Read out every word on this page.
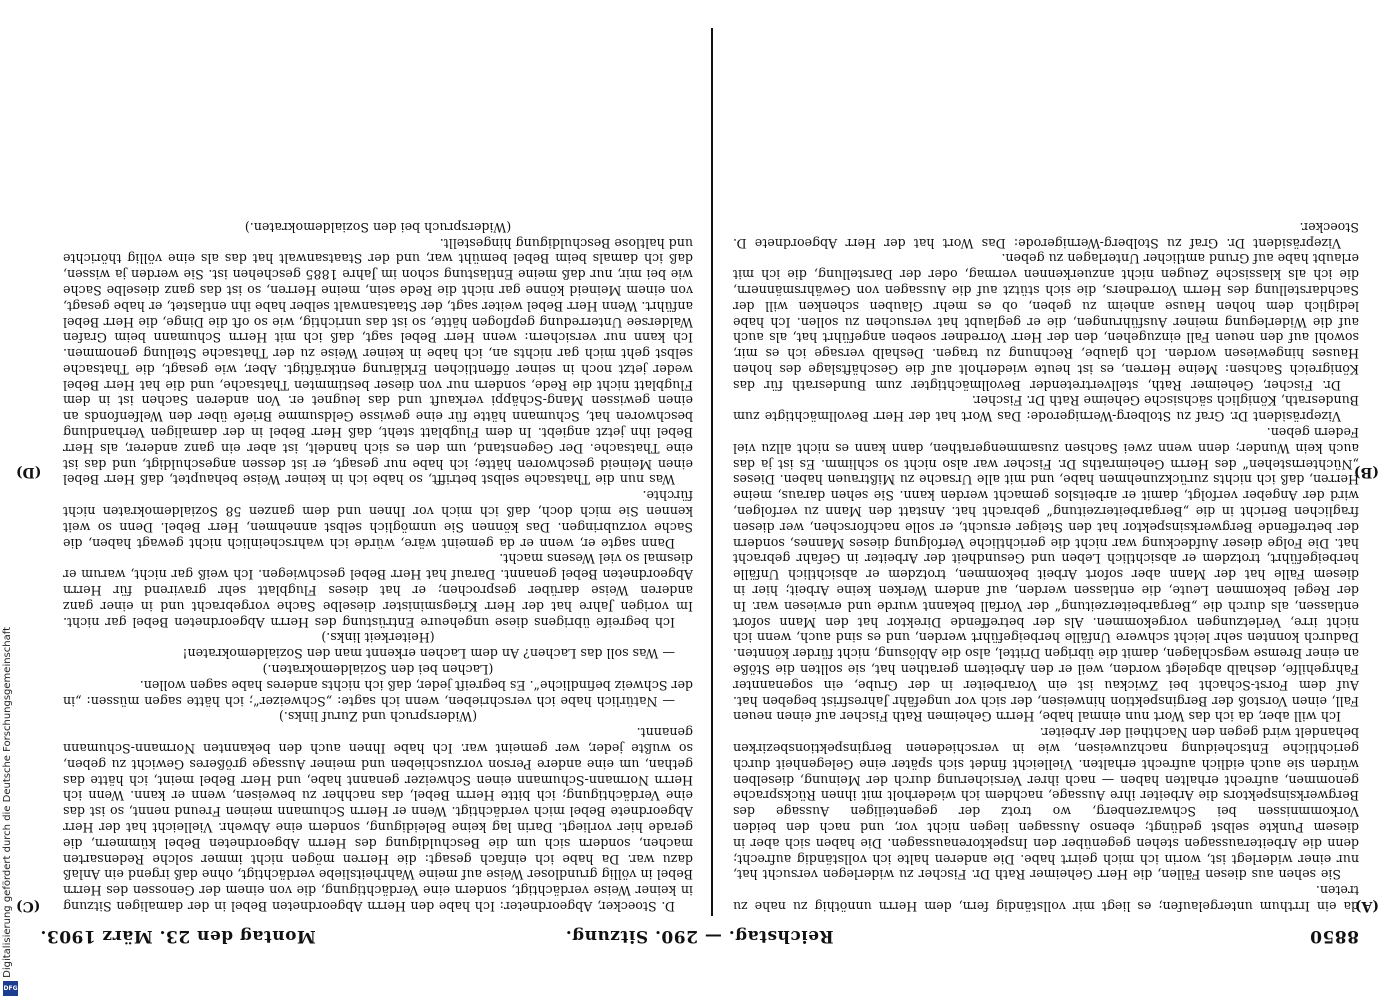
8850
Reichstag. — 290. Sitzung.
Montag den 23. März 1903.
(A)
(B)
(C)
(D)

da ein Irrthum untergelaufen; es liegt mir vollständig fern, dem Herrn unnöthig zu nahe zu treten.

Sie sehen aus diesen Fällen, die Herr Geheimer Rath Dr. Fischer zu widerlegen versucht hat, nur einer widerlegt ist, worin ich mich geirrt habe. Die anderen halte ich vollständig aufrecht; denn die Arbeiteraussagen stehen gegenüber den Inspektorenaussagen. Die haben sich aber in diesem Punkte selbst gedüngt; ebenso Aussagen liegen nicht vor, und nach den beiden Vorkommnissen bei Schwarzenberg, wo trotz der gegenteiligen Aussage des Bergwerksinspektors die Arbeiter ihre Aussage, nachdem ich wiederholt mit ihnen Rücksprache genommen, aufrecht erhalten haben — nach ihrer Versicherung durch der Meinung, dieselben würden sie auch eidlich aufrecht erhalten. Vielleicht findet sich später eine Gelegenheit durch gerichtliche Entscheidung nachzuweisen, wie in verschiedenen Berginspektionsbezirken behandelt wird gegen den Nachtheil der Arbeiter.

Ich will aber, da ich das Wort nun einmal habe, Herrn Geheimen Rath Fischer auf einen neuen Fall, einen Vorstoß der Berginspektion hinweisen, der sich vor ungefähr Jahresfrist begeben hat. Auf dem Forst-Schacht bei Zwickau ist ein Vorarbeiter in der Grube, ein sogenannter Fahrgehilfe, deshalb abgelegt worden, weil er den Arbeitern gerathen hat, sie sollten die Stöße an einer Bremse wegschlagen, damit die übrigen Drittel, also die Ablösung, nicht fürder könnten. Dadurch konnten sehr leicht schwere Unfälle herbeigeführt werden, und es sind auch, wenn ich nicht irre, Verletzungen vorgekommen. Als der betreffende Direktor hat den Mann sofort entlassen, als durch die „Bergarbeiterzeitung“ der Vorfall bekannt wurde und erwiesen war. In der Regel bekommen Leute, die entlassen werden, auf andern Werken keine Arbeit; hier in diesem Falle hat der Mann aber sofort Arbeit bekommen, trotzdem er absichtlich Unfälle herbeigeführt, trotzdem er absichtlich Leben und Gesundheit der Arbeiter in Gefahr gebracht hat. Die Folge dieser Aufdeckung war nicht die gerichtliche Verfolgung dieses Mannes, sondern der betreffende Bergwerksinspektor hat den Steiger ersucht, er solle nachforschen, wer diesen fraglichen Bericht in die „Bergarbeiterzeitung“ gebracht hat. Anstatt den Mann zu verfolgen, wird der Angeber verfolgt, damit er arbeitslos gemacht werden kann. Sie sehen daraus, meine Herren, daß ich nichts zurückzunehmen habe, und mit alle Ursache zu Mißtrauen haben. Dieses „Nüchternstehen“ des Herrn Geheimraths Dr. Fischer war also nicht so schlimm. Es ist ja das auch kein Wunder; denn wenn zwei Sachsen zusammengerathen, dann kann es nicht allzu viel Federn geben.

Vizepräsident Dr. Graf zu Stolberg-Wernigerode: Das Wort hat der Herr Bevollmächtigte zum Bundesrath, Königlich sächsische Geheime Rath Dr. Fischer.

Dr. Fischer, Geheimer Rath, stellvertretender Bevollmächtigter zum Bundesrath für das Königreich Sachsen: Meine Herren, es ist heute wiederholt auf die Geschäftslage des hohen Hauses hingewiesen worden. Ich glaube, Rechnung zu tragen. Deshalb versage ich es mir, sowohl auf den neuen Fall einzugehen, den der Herr Vorredner soeben angeführt hat, als auch auf die Widerlegung meiner Ausführungen, die er geglaubt hat versuchen zu sollen. Ich habe lediglich dem hohen Hause anheim zu geben, ob es mehr Glauben schenken will der Sachdarstellung des Herrn Vorredners, die sich stützt auf die Aussagen von Gewährsmännern, die ich als klassische Zeugen nicht anzuerkennen vermag, oder der Darstellung, die ich mit erlaubt habe auf Grund amtlicher Unterlagen zu geben.

Vizepräsident Dr. Graf zu Stolberg-Wernigerode: Das Wort hat der Herr Abgeordnete D. Stoecker.

D. Stoecker, Abgeordneter: Ich habe den Herrn Abgeordneten Bebel in der damaligen Sitzung in keiner Weise verdächtigt, sondern eine Verdächtigung, die von einem der Genossen des Herrn Bebel in völlig grundloser Weise auf meine Wahrheitsliebe verdächtigt, ohne daß irgend ein Anlaß dazu war. Da habe ich einfach gesagt: die Herren mögen nicht immer solche Redensarten machen, sondern sich um die Beschuldigung des Herrn Abgeordneten Bebel kümmern, die gerade hier vorliegt. Darin lag keine Beleidigung, sondern eine Abwehr. Vielleicht hat der Herr Abgeordnete Bebel mich verdächtigt. Wenn er Herrn Schumann meinen Freund nennt, so ist das eine Verdächtigung; ich bitte Herrn Bebel, das nachher zu beweisen, wenn er kann. Wenn ich Herrn Normann-Schumann einen Schweizer genannt habe, und Herr Bebel meint, ich hätte das gethan, um eine andere Person vorzuschieben und meiner Aussage größeres Gewicht zu geben, so wußte jeder, wer gemeint war. Ich habe Ihnen auch den bekannten Normann-Schumann genannt.

(Widerspruch und Zuruf links.)

— Natürlich habe ich verschrieben, wenn ich sagte: „Schweizer“; ich hätte sagen müssen: „in der Schweiz befindliche“. Es begreift jeder, daß ich nichts anderes habe sagen wollen.

(Lachen bei den Sozialdemokraten.)

— Was soll das Lachen? An dem Lachen erkennt man den Sozialdemokraten!

(Heiterkeit links.)

Ich begreife übrigens diese ungeheure Entrüstung des Herrn Abgeordneten Bebel gar nicht. Im vorigen Jahre hat der Herr Kriegsminister dieselbe Sache vorgebracht und in einer ganz anderen Weise darüber gesprochen; er hat dieses Flugblatt sehr gravirend für Herrn Abgeordneten Bebel genannt. Darauf hat Herr Bebel geschwiegen. Ich weiß gar nicht, warum er diesmal so viel Wesens macht.

Dann sagte er, wenn er da gemeint wäre, würde ich wahrscheinlich nicht gewagt haben, die Sache vorzubringen. Das können Sie unmöglich selbst annehmen, Herr Bebel. Denn so weit kennen Sie mich doch, daß ich mich vor Ihnen und dem ganzen 58 Sozialdemokraten nicht fürchte.

Was nun die Thatsache selbst betrifft, so habe ich in keiner Weise behauptet, daß Herr Bebel einen Meineid geschworen hätte; ich habe nur gesagt, er ist dessen angeschuldigt, und das ist eine Thatsache. Der Gegenstand, um den es sich handelt, ist aber ein ganz anderer, als Herr Bebel ihn jetzt angiebt. In dem Flugblatt steht, daß Herr Bebel in der damaligen Verhandlung beschworen hat, Schumann hätte für eine gewisse Geldsumme Briefe über den Welfenfonds an einen gewissen Mang-Schäppi verkauft und das leugnet er. Von anderen Sachen ist in dem Flugblatt nicht die Rede, sondern nur von dieser bestimmten Thatsache, und die hat Herr Bebel weder jetzt noch in seiner öffentlichen Erklärung entkräftigt. Aber, wie gesagt, die Thatsache selbst geht mich gar nichts an, ich habe in keiner Weise zu der Thatsache Stellung genommen. Ich kann nur versichern: wenn Herr Bebel sagt, daß ich mit Herrn Schumann beim Grafen Waldersee Unterredung gepflogen hätte, so ist das unrichtig, wie so oft die Dinge, die Herr Bebel anführt. Wenn Herr Bebel weiter sagt, der Staatsanwalt selber habe ihn entlastet, er habe gesagt, von einem Meineid könne gar nicht die Rede sein, meine Herren, so ist das ganz dieselbe Sache wie bei mir, nur daß meine Entlastung schon im Jahre 1885 geschehen ist. Sie werden ja wissen, daß ich damals beim Bebel bemüht war, und der Staatsanwalt hat das als eine völlig thörichte und haltlose Beschuldigung hingestellt.

(Widerspruch bei den Sozialdemokraten.)

Digitalisierung gefördert durch die Deutsche Forschungsgemeinschaft
DFG
